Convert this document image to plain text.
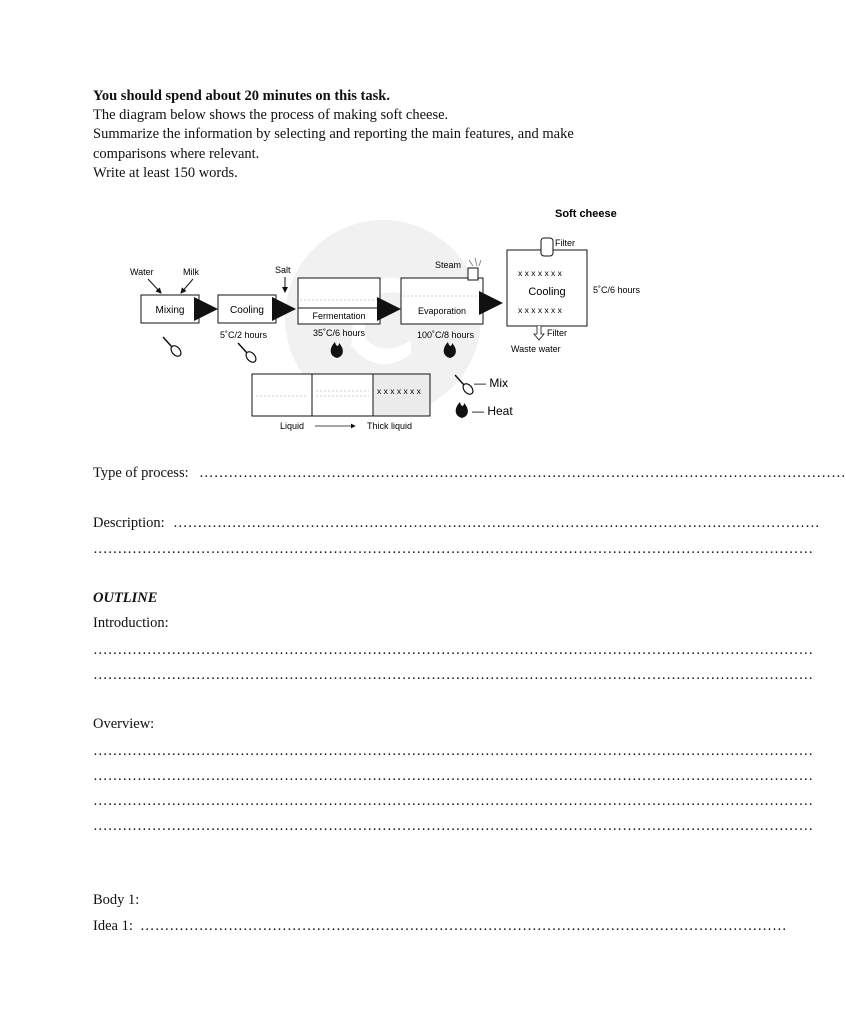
You should spend about 20 minutes on this task.
The diagram below shows the process of making soft cheese.
Summarize the information by selecting and reporting the main features, and make
comparisons where relevant.
Write at least 150 words.
Water	Milk
Mixing	Cooling
5˚C/2 hours
Salt
Fermentation
35˚C/6 hours
Evaporation
100˚C/8 hours
Steam
x x x x x x x
Cooling
x x x x x x x
5˚C/6 hours
Soft cheese
Filter
Filter
Waste water
x x x x x x x
Liquid	Thick liquid
— Mix
— Heat
Type of process: ……………………………………………………………………………………………………………………
Description: ……………………………………………………………………………………………………………………
…………………………………………………………………………………………………………………………………
OUTLINE
Introduction:
…………………………………………………………………………………………………………………………………
…………………………………………………………………………………………………………………………………
Overview:
…………………………………………………………………………………………………………………………………
…………………………………………………………………………………………………………………………………
…………………………………………………………………………………………………………………………………
…………………………………………………………………………………………………………………………………
Body 1:
Idea 1: ……………………………………………………………………………………………………………………
